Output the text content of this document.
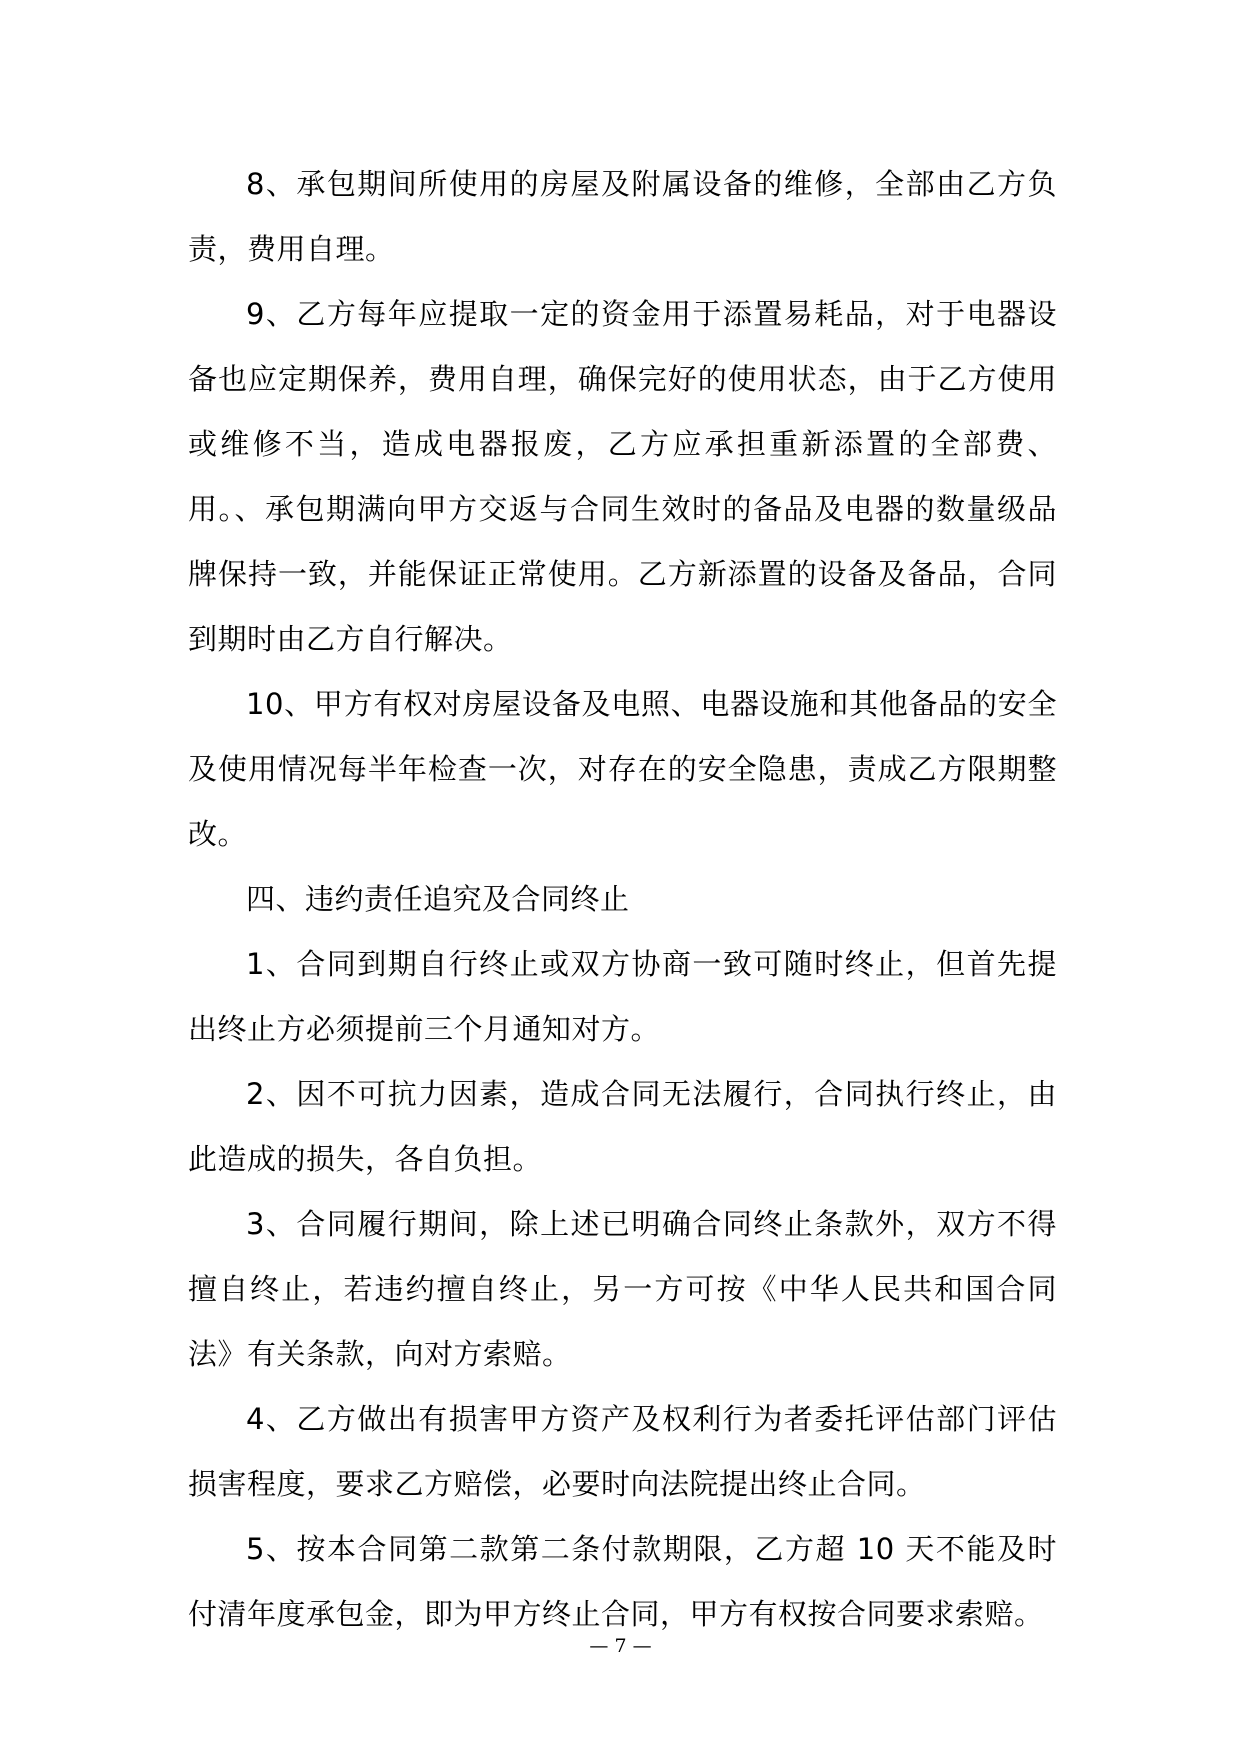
8、承包期间所使用的房屋及附属设备的维修，全部由乙方负责，费用自理。

9、乙方每年应提取一定的资金用于添置易耗品，对于电器设备也应定期保养，费用自理，确保完好的使用状态，由于乙方使用或维修不当，造成电器报废，乙方应承担重新添置的全部费、用。、承包期满向甲方交返与合同生效时的备品及电器的数量级品牌保持一致，并能保证正常使用。乙方新添置的设备及备品，合同到期时由乙方自行解决。

10、甲方有权对房屋设备及电照、电器设施和其他备品的安全及使用情况每半年检查一次，对存在的安全隐患，责成乙方限期整改。

四、违约责任追究及合同终止

1、合同到期自行终止或双方协商一致可随时终止，但首先提出终止方必须提前三个月通知对方。

2、因不可抗力因素，造成合同无法履行，合同执行终止，由此造成的损失，各自负担。

3、合同履行期间，除上述已明确合同终止条款外，双方不得擅自终止，若违约擅自终止，另一方可按《中华人民共和国合同法》有关条款，向对方索赔。

4、乙方做出有损害甲方资产及权利行为者委托评估部门评估损害程度，要求乙方赔偿，必要时向法院提出终止合同。

5、按本合同第二款第二条付款期限，乙方超 10 天不能及时付清年度承包金，即为甲方终止合同，甲方有权按合同要求索赔。

— 7 —
